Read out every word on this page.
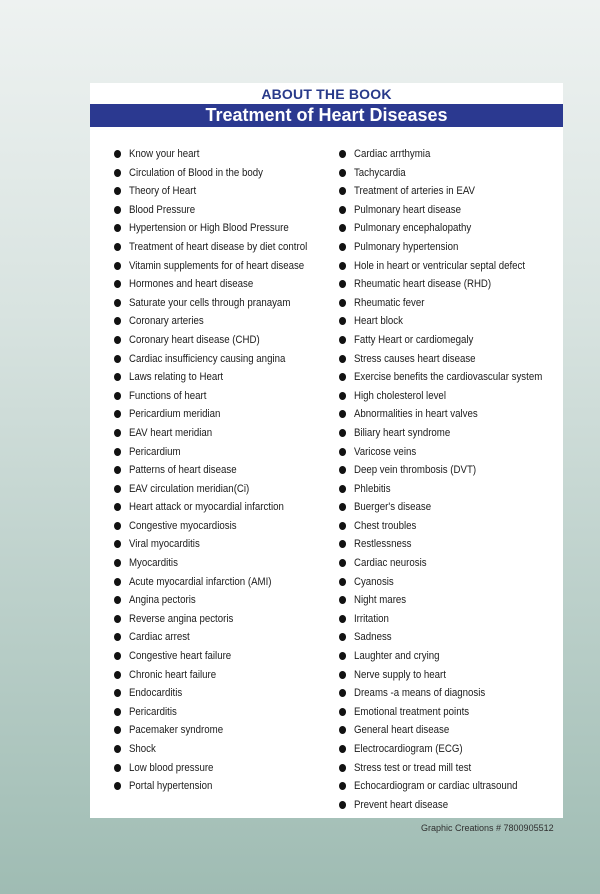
ABOUT THE BOOK
Treatment of Heart Diseases
Know your heart
Circulation of Blood in the body
Theory of Heart
Blood Pressure
Hypertension or High Blood Pressure
Treatment of heart disease by diet control
Vitamin supplements for of heart disease
Hormones and heart disease
Saturate your cells through pranayam
Coronary arteries
Coronary heart disease (CHD)
Cardiac insufficiency causing angina
Laws relating to Heart
Functions of heart
Pericardium meridian
EAV heart meridian
Pericardium
Patterns of heart disease
EAV circulation meridian(Ci)
Heart attack or myocardial infarction
Congestive myocardiosis
Viral myocarditis
Myocarditis
Acute myocardial infarction (AMI)
Angina pectoris
Reverse angina pectoris
Cardiac arrest
Congestive heart failure
Chronic heart failure
Endocarditis
Pericarditis
Pacemaker syndrome
Shock
Low blood pressure
Portal hypertension
Cardiac arrthymia
Tachycardia
Treatment of arteries in EAV
Pulmonary heart disease
Pulmonary encephalopathy
Pulmonary hypertension
Hole in heart or ventricular septal defect
Rheumatic heart disease (RHD)
Rheumatic fever
Heart block
Fatty Heart or cardiomegaly
Stress causes heart disease
Exercise benefits the cardiovascular system
High cholesterol level
Abnormalities in heart valves
Biliary heart syndrome
Varicose veins
Deep vein thrombosis (DVT)
Phlebitis
Buerger's disease
Chest troubles
Restlessness
Cardiac neurosis
Cyanosis
Night mares
Irritation
Sadness
Laughter and crying
Nerve supply to heart
Dreams -a means of diagnosis
Emotional treatment points
General heart disease
Electrocardiogram (ECG)
Stress test or tread mill test
Echocardiogram or cardiac ultrasound
Prevent heart disease
Graphic Creations # 7800905512
